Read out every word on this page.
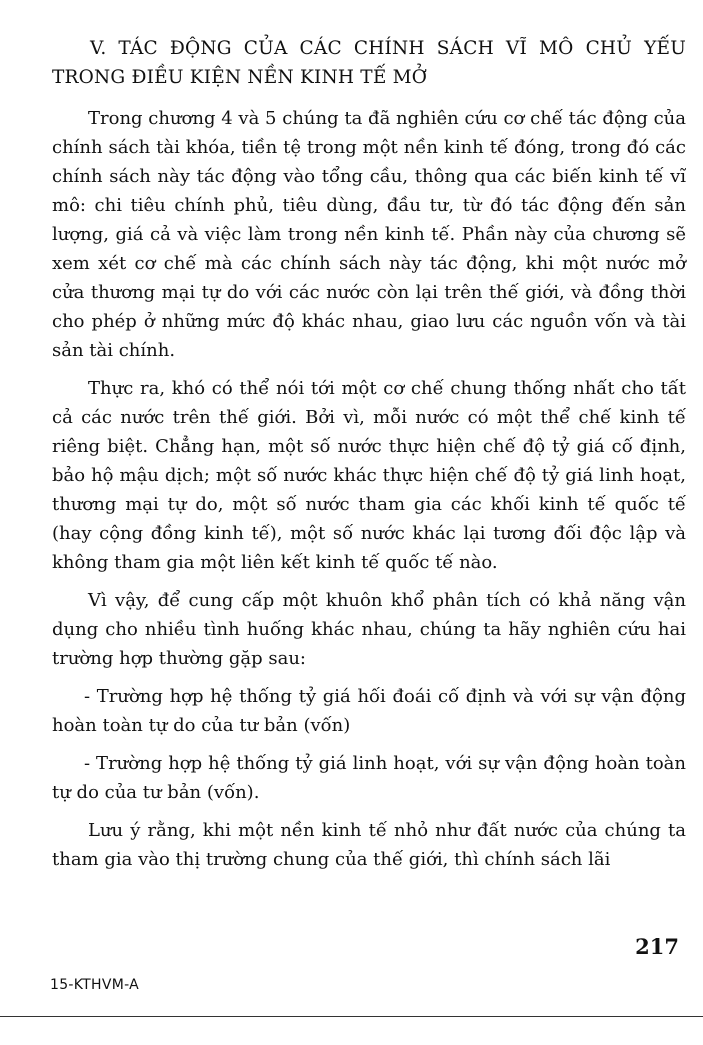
V. TÁC ĐỘNG CỦA CÁC CHÍNH SÁCH VĨ MÔ CHỦ YẾU TRONG ĐIỀU KIỆN NỀN KINH TẾ MỞ

Trong chương 4 và 5 chúng ta đã nghiên cứu cơ chế tác động của chính sách tài khóa, tiền tệ trong một nền kinh tế đóng, trong đó các chính sách này tác động vào tổng cầu, thông qua các biến kinh tế vĩ mô: chi tiêu chính phủ, tiêu dùng, đầu tư, từ đó tác động đến sản lượng, giá cả và việc làm trong nền kinh tế. Phần này của chương sẽ xem xét cơ chế mà các chính sách này tác động, khi một nước mở cửa thương mại tự do với các nước còn lại trên thế giới, và đồng thời cho phép ở những mức độ khác nhau, giao lưu các nguồn vốn và tài sản tài chính.

Thực ra, khó có thể nói tới một cơ chế chung thống nhất cho tất cả các nước trên thế giới. Bởi vì, mỗi nước có một thể chế kinh tế riêng biệt. Chẳng hạn, một số nước thực hiện chế độ tỷ giá cố định, bảo hộ mậu dịch; một số nước khác thực hiện chế độ tỷ giá linh hoạt, thương mại tự do, một số nước tham gia các khối kinh tế quốc tế (hay cộng đồng kinh tế), một số nước khác lại tương đối độc lập và không tham gia một liên kết kinh tế quốc tế nào.

Vì vậy, để cung cấp một khuôn khổ phân tích có khả năng vận dụng cho nhiều tình huống khác nhau, chúng ta hãy nghiên cứu hai trường hợp thường gặp sau:

- Trường hợp hệ thống tỷ giá hối đoái cố định và với sự vận động hoàn toàn tự do của tư bản (vốn)

- Trường hợp hệ thống tỷ giá linh hoạt, với sự vận động hoàn toàn tự do của tư bản (vốn).

Lưu ý rằng, khi một nền kinh tế nhỏ như đất nước của chúng ta tham gia vào thị trường chung của thế giới, thì chính sách lãi

217
15-KTHVM-A
